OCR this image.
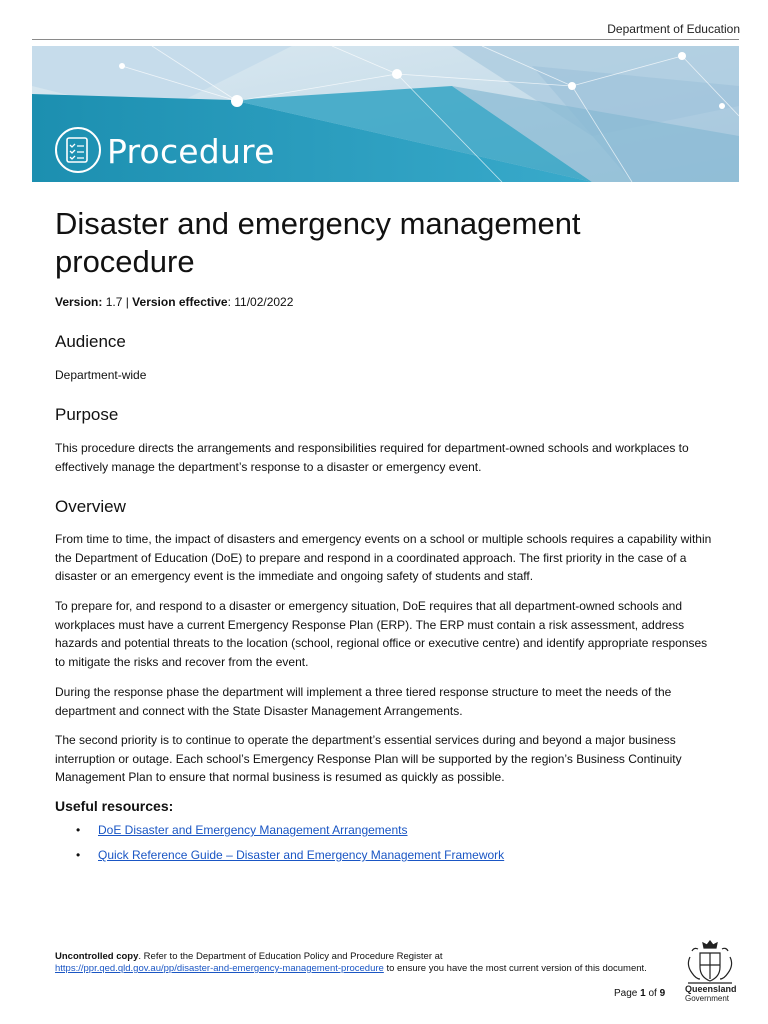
Department of Education
Procedure
Disaster and emergency management procedure
Version: 1.7 | Version effective: 11/02/2022
Audience

Department-wide

Purpose

This procedure directs the arrangements and responsibilities required for department-owned schools and workplaces to effectively manage the department’s response to a disaster or emergency event.

Overview

From time to time, the impact of disasters and emergency events on a school or multiple schools requires a capability within the Department of Education (DoE) to prepare and respond in a coordinated approach. The first priority in the case of a disaster or an emergency event is the immediate and ongoing safety of students and staff.

To prepare for, and respond to a disaster or emergency situation, DoE requires that all department-owned schools and workplaces must have a current Emergency Response Plan (ERP). The ERP must contain a risk assessment, address hazards and potential threats to the location (school, regional office or executive centre) and identify appropriate responses to mitigate the risks and recover from the event.

During the response phase the department will implement a three tiered response structure to meet the needs of the department and connect with the State Disaster Management Arrangements.

The second priority is to continue to operate the department’s essential services during and beyond a major business interruption or outage. Each school’s Emergency Response Plan will be supported by the region’s Business Continuity Management Plan to ensure that normal business is resumed as quickly as possible.

Useful resources:
• DoE Disaster and Emergency Management Arrangements
• Quick Reference Guide – Disaster and Emergency Management Framework
Uncontrolled copy. Refer to the Department of Education Policy and Procedure Register at
https://ppr.qed.qld.gov.au/pp/disaster-and-emergency-management-procedure to ensure you have the most current version of this document.
Page 1 of 9 Queensland
Government
